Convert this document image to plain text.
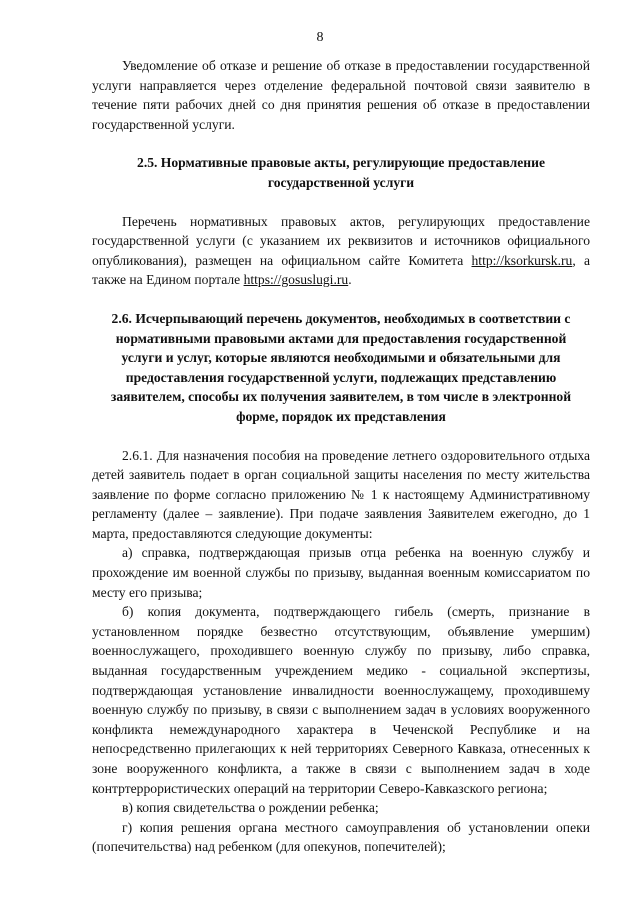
8

Уведомление об отказе и решение об отказе в предоставлении государственной услуги направляется через отделение федеральной почтовой связи заявителю в течение пяти рабочих дней со дня принятия решения об отказе в предоставлении государственной услуги.

2.5. Нормативные правовые акты, регулирующие предоставление государственной услуги

Перечень нормативных правовых актов, регулирующих предоставление государственной услуги (с указанием их реквизитов и источников официального опубликования), размещен на официальном сайте Комитета http://ksorkursk.ru, а также на Едином портале https://gosuslugi.ru.

2.6. Исчерпывающий перечень документов, необходимых в соответствии с нормативными правовыми актами для предоставления государственной услуги и услуг, которые являются необходимыми и обязательными для предоставления государственной услуги, подлежащих представлению заявителем, способы их получения заявителем, в том числе в электронной форме, порядок их представления

2.6.1. Для назначения пособия на проведение летнего оздоровительного отдыха детей заявитель подает в орган социальной защиты населения по месту жительства заявление по форме согласно приложению № 1 к настоящему Административному регламенту (далее – заявление). При подаче заявления Заявителем ежегодно, до 1 марта, предоставляются следующие документы:

а) справка, подтверждающая призыв отца ребенка на военную службу и прохождение им военной службы по призыву, выданная военным комиссариатом по месту его призыва;

б) копия документа, подтверждающего гибель (смерть, признание в установленном порядке безвестно отсутствующим, объявление умершим) военнослужащего, проходившего военную службу по призыву, либо справка, выданная государственным учреждением медико - социальной экспертизы, подтверждающая установление инвалидности военнослужащему, проходившему военную службу по призыву, в связи с выполнением задач в условиях вооруженного конфликта немеждународного характера в Чеченской Республике и на непосредственно прилегающих к ней территориях Северного Кавказа, отнесенных к зоне вооруженного конфликта, а также в связи с выполнением задач в ходе контртеррористических операций на территории Северо-Кавказского региона;

в) копия свидетельства о рождении ребенка;

г) копия решения органа местного самоуправления об установлении опеки (попечительства) над ребенком (для опекунов, попечителей);
